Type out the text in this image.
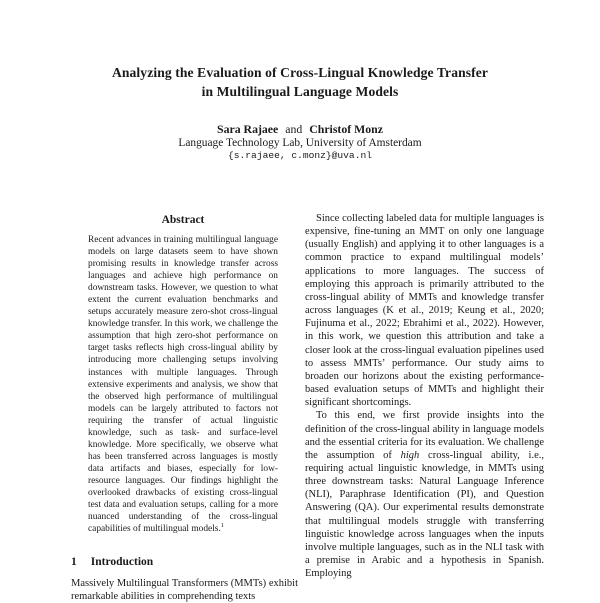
Analyzing the Evaluation of Cross-Lingual Knowledge Transfer
in Multilingual Language Models
Sara Rajaee and Christof Monz
Language Technology Lab, University of Amsterdam
{s.rajaee, c.monz}@uva.nl
Abstract

Recent advances in training multilingual language models on large datasets seem to have shown promising results in knowledge transfer across languages and achieve high performance on downstream tasks. However, we question to what extent the current evaluation benchmarks and setups accurately measure zero-shot cross-lingual knowledge transfer. In this work, we challenge the assumption that high zero-shot performance on target tasks reflects high cross-lingual ability by introducing more challenging setups involving instances with multiple languages. Through extensive experiments and analysis, we show that the observed high performance of multilingual models can be largely attributed to factors not requiring the transfer of actual linguistic knowledge, such as task- and surface-level knowledge. More specifically, we observe what has been transferred across languages is mostly data artifacts and biases, especially for low-resource languages. Our findings highlight the overlooked drawbacks of existing cross-lingual test data and evaluation setups, calling for a more nuanced understanding of the cross-lingual capabilities of multilingual models.$^1$

1 Introduction

Massively Multilingual Transformers (MMTs) exhibit remarkable abilities in comprehending texts

Since collecting labeled data for multiple languages is expensive, fine-tuning an MMT on only one language (usually English) and applying it to other languages is a common practice to expand multilingual models’ applications to more languages. The success of employing this approach is primarily attributed to the cross-lingual ability of MMTs and knowledge transfer across languages (K et al., 2019; Keung et al., 2020; Fujinuma et al., 2022; Ebrahimi et al., 2022). However, in this work, we question this attribution and take a closer look at the cross-lingual evaluation pipelines used to assess MMTs’ performance. Our study aims to broaden our horizons about the existing performance-based evaluation setups of MMTs and highlight their significant shortcomings.

To this end, we first provide insights into the definition of the cross-lingual ability in language models and the essential criteria for its evaluation. We challenge the assumption of high cross-lingual ability, i.e., requiring actual linguistic knowledge, in MMTs using three downstream tasks: Natural Language Inference (NLI), Paraphrase Identification (PI), and Question Answering (QA). Our experimental results demonstrate that multilingual models struggle with transferring linguistic knowledge across languages when the inputs involve multiple languages, such as in the NLI task with a premise in Arabic and a hypothesis in Spanish. Employing
